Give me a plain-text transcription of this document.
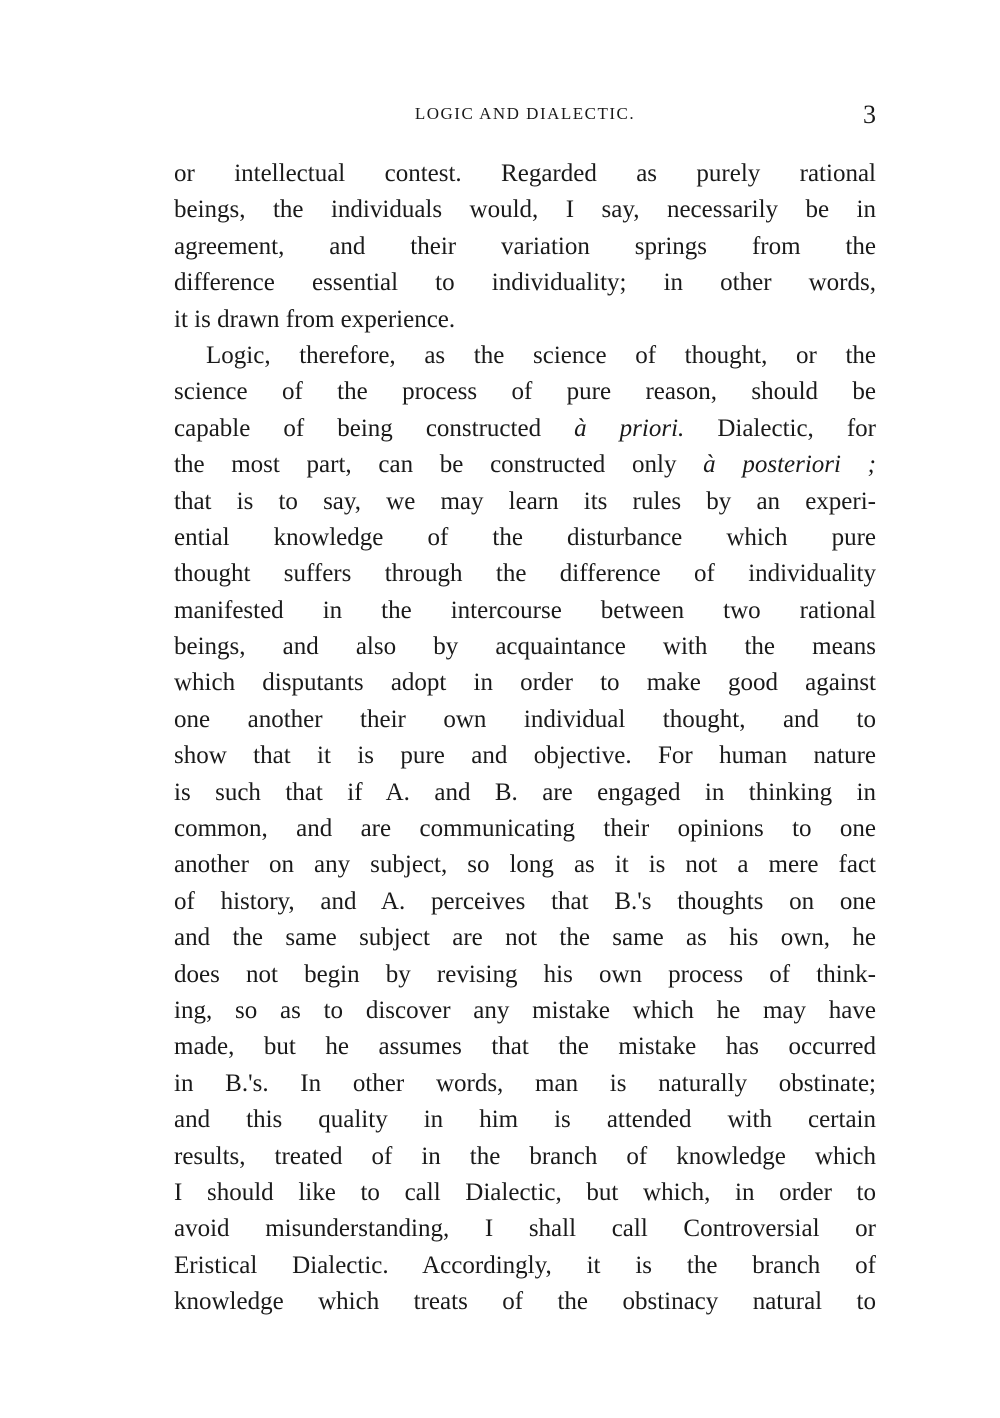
LOGIC AND DIALECTIC.	3
or intellectual contest. Regarded as purely rational
beings, the individuals would, I say, necessarily be in
agreement, and their variation springs from the
difference essential to individuality; in other words,
it is drawn from experience.
Logic, therefore, as the science of thought, or the
science of the process of pure reason, should be
capable of being constructed à priori. Dialectic, for
the most part, can be constructed only à posteriori ;
that is to say, we may learn its rules by an experi-
ential knowledge of the disturbance which pure
thought suffers through the difference of individuality
manifested in the intercourse between two rational
beings, and also by acquaintance with the means
which disputants adopt in order to make good against
one another their own individual thought, and to
show that it is pure and objective. For human nature
is such that if A. and B. are engaged in thinking in
common, and are communicating their opinions to one
another on any subject, so long as it is not a mere fact
of history, and A. perceives that B.'s thoughts on one
and the same subject are not the same as his own, he
does not begin by revising his own process of think-
ing, so as to discover any mistake which he may have
made, but he assumes that the mistake has occurred
in B.'s. In other words, man is naturally obstinate;
and this quality in him is attended with certain
results, treated of in the branch of knowledge which
I should like to call Dialectic, but which, in order to
avoid misunderstanding, I shall call Controversial or
Eristical Dialectic. Accordingly, it is the branch of
knowledge which treats of the obstinacy natural to
